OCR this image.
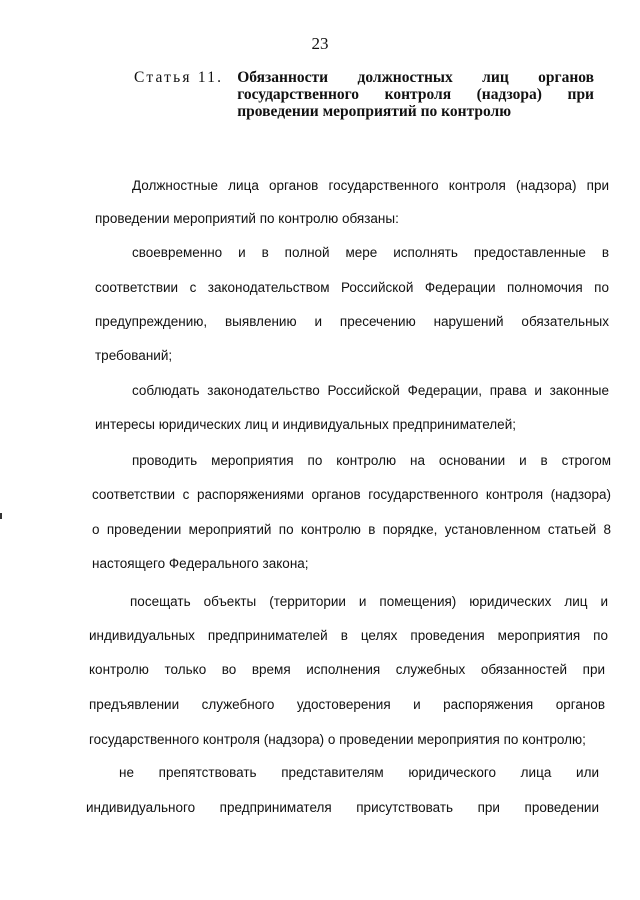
23
Статья 11. Обязанности должностных лиц органов
государственного контроля (надзора) при
проведении мероприятий по контролю
Должностные лица органов государственного контроля (надзора) при
проведении мероприятий по контролю обязаны:
своевременно и в полной мере исполнять предоставленные в
соответствии с законодательством Российской Федерации полномочия по
предупреждению, выявлению и пресечению нарушений обязательных
требований;
соблюдать законодательство Российской Федерации, права и законные
интересы юридических лиц и индивидуальных предпринимателей;
проводить мероприятия по контролю на основании и в строгом
соответствии с распоряжениями органов государственного контроля (надзора)
о проведении мероприятий по контролю в порядке, установленном статьей 8
настоящего Федерального закона;
посещать объекты (территории и помещения) юридических лиц и
индивидуальных предпринимателей в целях проведения мероприятия по
контролю только во время исполнения служебных обязанностей при
предъявлении служебного удостоверения и распоряжения органов
государственного контроля (надзора) о проведении мероприятия по контролю;
не препятствовать представителям юридического лица или
индивидуального предпринимателя присутствовать при проведении
